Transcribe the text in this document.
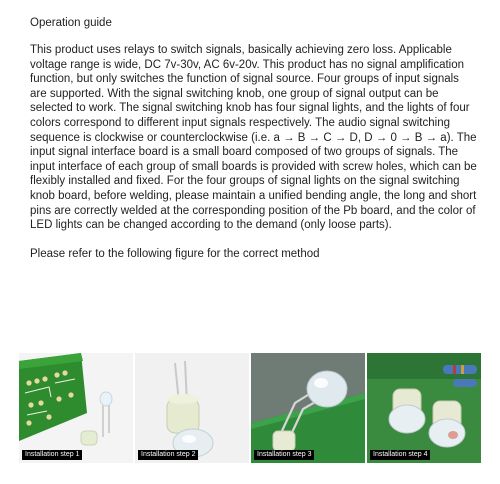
Operation guide

This product uses relays to switch signals, basically achieving zero loss. Applicable voltage range is wide, DC 7v-30v, AC 6v-20v. This product has no signal amplification function, but only switches the function of signal source. Four groups of input signals are supported. With the signal switching knob, one group of signal output can be selected to work. The signal switching knob has four signal lights, and the lights of four colors correspond to different input signals respectively. The audio signal switching sequence is clockwise or counterclockwise (i.e. a → B → C → D, D → 0 → B → a). The input signal interface board is a small board composed of two groups of signals. The input interface of each group of small boards is provided with screw holes, which can be flexibly installed and fixed. For the four groups of signal lights on the signal switching knob board, before welding, please maintain a unified bending angle, the long and short pins are correctly welded at the corresponding position of the Pb board, and the color of LED lights can be changed according to the demand (only loose parts).

Please refer to the following figure for the correct method

Installation step 1	Installation step 2	Installation step 3	Installation step 4
